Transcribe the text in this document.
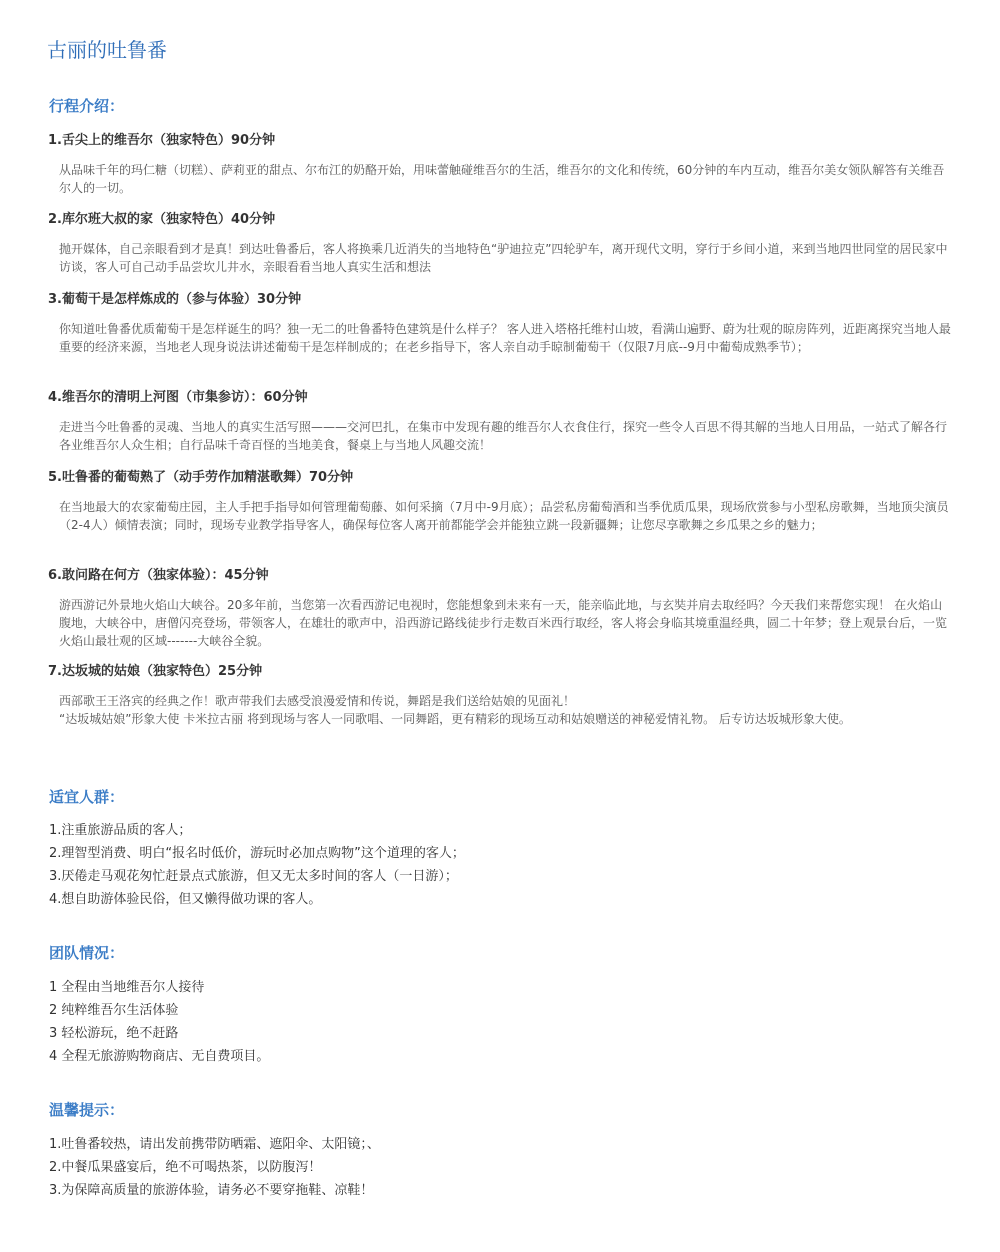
古丽的吐鲁番
行程介绍：
1.舌尖上的维吾尔（独家特色）90分钟

从品味千年的玛仁糖（切糕）、萨莉亚的甜点、尔布江的奶酪开始，用味蕾触碰维吾尔的生活，维吾尔的文化和传统，60分钟的车内互动，维吾尔美女领队解答有关维吾尔人的一切。

2.库尔班大叔的家（独家特色）40分钟

抛开媒体，自己亲眼看到才是真！到达吐鲁番后，客人将换乘几近消失的当地特色“驴迪拉克”四轮驴车，离开现代文明，穿行于乡间小道，来到当地四世同堂的居民家中访谈，客人可自己动手品尝坎儿井水，亲眼看看当地人真实生活和想法

3.葡萄干是怎样炼成的（参与体验）30分钟

你知道吐鲁番优质葡萄干是怎样诞生的吗？独一无二的吐鲁番特色建筑是什么样子？ 客人进入塔格托维村山坡，看满山遍野、蔚为壮观的晾房阵列，近距离探究当地人最重要的经济来源，当地老人现身说法讲述葡萄干是怎样制成的；在老乡指导下，客人亲自动手晾制葡萄干（仅限7月底--9月中葡萄成熟季节）；

4.维吾尔的清明上河图（市集参访）：60分钟

走进当今吐鲁番的灵魂、当地人的真实生活写照———交河巴扎，在集市中发现有趣的维吾尔人衣食住行，探究一些令人百思不得其解的当地人日用品，一站式了解各行各业维吾尔人众生相；自行品味千奇百怪的当地美食，餐桌上与当地人风趣交流！

5.吐鲁番的葡萄熟了（动手劳作加精湛歌舞）70分钟

在当地最大的农家葡萄庄园，主人手把手指导如何管理葡萄藤、如何采摘（7月中-9月底）；品尝私房葡萄酒和当季优质瓜果，现场欣赏参与小型私房歌舞，当地顶尖演员（2-4人）倾情表演；同时，现场专业教学指导客人，确保每位客人离开前都能学会并能独立跳一段新疆舞；让您尽享歌舞之乡瓜果之乡的魅力；

6.敢问路在何方（独家体验）：45分钟

游西游记外景地火焰山大峡谷。20多年前，当您第一次看西游记电视时，您能想象到未来有一天，能亲临此地，与玄奘并肩去取经吗？今天我们来帮您实现！ 在火焰山腹地，大峡谷中，唐僧闪亮登场，带领客人，在雄壮的歌声中，沿西游记路线徒步行走数百米西行取经，客人将会身临其境重温经典，圆二十年梦；登上观景台后，一览火焰山最壮观的区域-------大峡谷全貌。

7.达坂城的姑娘（独家特色）25分钟

西部歌王王洛宾的经典之作！歌声带我们去感受浪漫爱情和传说，舞蹈是我们送给姑娘的见面礼！

“达坂城姑娘”形象大使 卡米拉古丽 将到现场与客人一同歌唱、一同舞蹈，更有精彩的现场互动和姑娘赠送的神秘爱情礼物。 后专访达坂城形象大使。

适宜人群：
1.注重旅游品质的客人；
2.理智型消费、明白“报名时低价，游玩时必加点购物”这个道理的客人；
3.厌倦走马观花匆忙赶景点式旅游，但又无太多时间的客人（一日游）；
4.想自助游体验民俗，但又懒得做功课的客人。
团队情况：
1 全程由当地维吾尔人接待
2 纯粹维吾尔生活体验
3 轻松游玩，绝不赶路
4 全程无旅游购物商店、无自费项目。
温馨提示：
1.吐鲁番较热，请出发前携带防晒霜、遮阳伞、太阳镜；、
2.中餐瓜果盛宴后，绝不可喝热茶，以防腹泻！
3.为保障高质量的旅游体验，请务必不要穿拖鞋、凉鞋！
